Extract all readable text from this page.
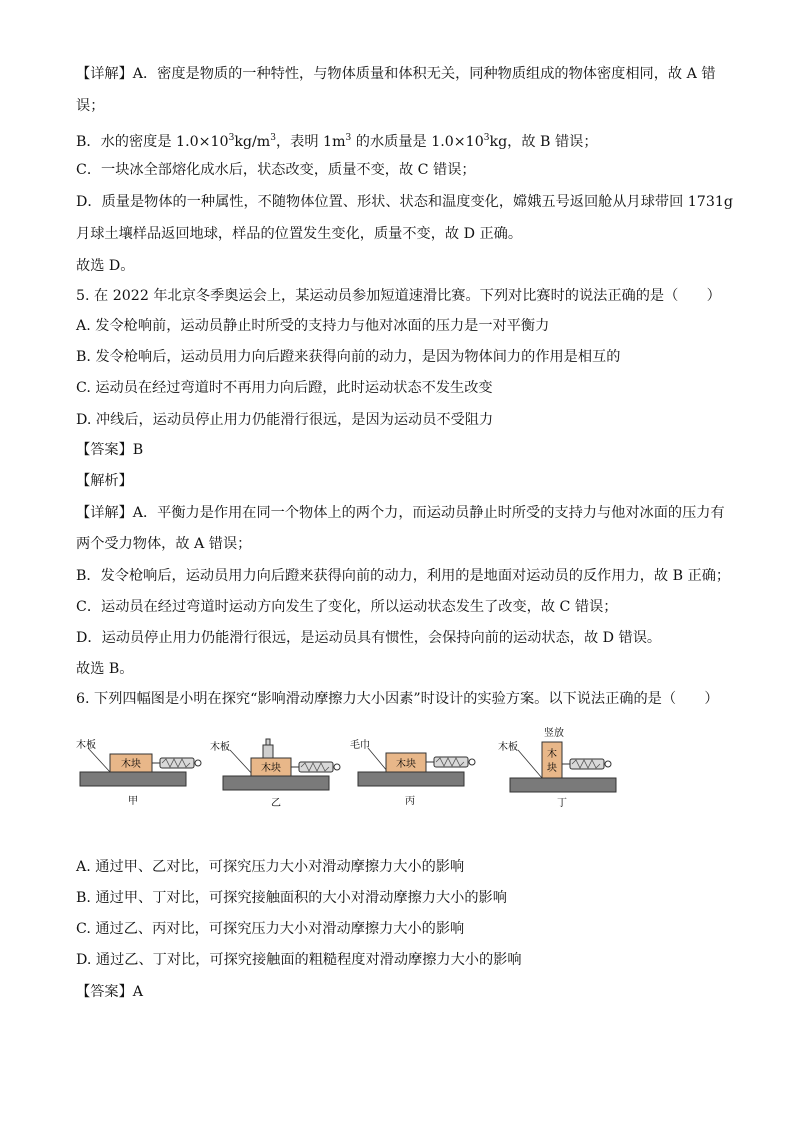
【详解】A．密度是物质的一种特性，与物体质量和体积无关，同种物质组成的物体密度相同，故 A 错
误；
B．水的密度是 $1.0\times 10^3kg/m^3$，表明 $1m^3$ 的水质量是 $1.0\times 10^3kg$，故 B 错误；
C．一块冰全部熔化成水后，状态改变，质量不变，故 C 错误；
D．质量是物体的一种属性，不随物体位置、形状、状态和温度变化，嫦娥五号返回舱从月球带回 1731g
月球土壤样品返回地球，样品的位置发生变化，质量不变，故 D 正确。
故选 D。
5. 在 2022 年北京冬季奥运会上，某运动员参加短道速滑比赛。下列对比赛时的说法正确的是（　　）
A. 发令枪响前，运动员静止时所受的支持力与他对冰面的压力是一对平衡力
B. 发令枪响后，运动员用力向后蹬来获得向前的动力，是因为物体间力的作用是相互的
C. 运动员在经过弯道时不再用力向后蹬，此时运动状态不发生改变
D. 冲线后，运动员停止用力仍能滑行很远，是因为运动员不受阻力
【答案】B
【解析】
【详解】A．平衡力是作用在同一个物体上的两个力，而运动员静止时所受的支持力与他对冰面的压力有
两个受力物体，故 A 错误；
B．发令枪响后，运动员用力向后蹬来获得向前的动力，利用的是地面对运动员的反作用力，故 B 正确；
C．运动员在经过弯道时运动方向发生了变化，所以运动状态发生了改变，故 C 错误；
D．运动员停止用力仍能滑行很远，是运动员具有惯性，会保持向前的运动状态，故 D 错误。
故选 B。
6. 下列四幅图是小明在探究“影响滑动摩擦力大小因素”时设计的实验方案。以下说法正确的是（　　）
木板
木块
甲
木板
木块
乙
毛巾
木块
丙
木板
竖放
木
块
丁
A. 通过甲、乙对比，可探究压力大小对滑动摩擦力大小的影响
B. 通过甲、丁对比，可探究接触面积的大小对滑动摩擦力大小的影响
C. 通过乙、丙对比，可探究压力大小对滑动摩擦力大小的影响
D. 通过乙、丁对比，可探究接触面的粗糙程度对滑动摩擦力大小的影响
【答案】A
